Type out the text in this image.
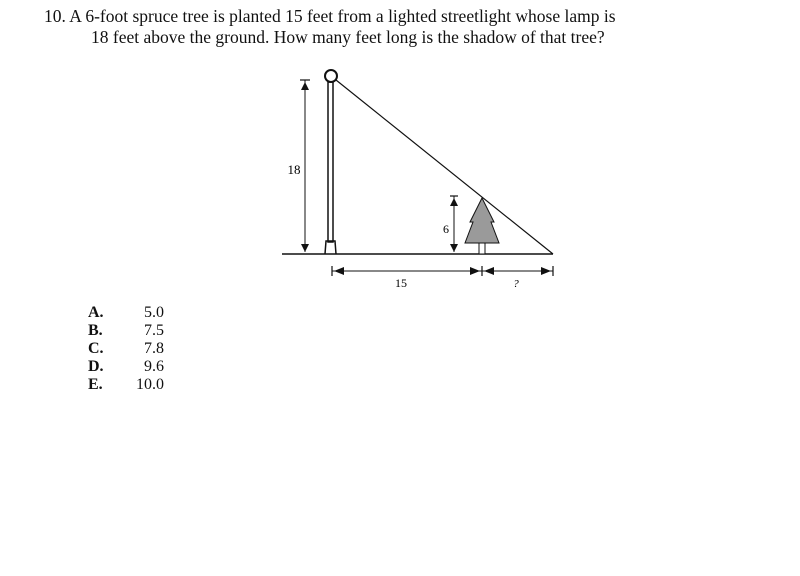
10. A 6-foot spruce tree is planted 15 feet from a lighted streetlight whose lamp is
18 feet above the ground. How many feet long is the shadow of that tree?
18
6
15	?
A.	5.0
B.	7.5
C.	7.8
D.	9.6
E.	10.0
